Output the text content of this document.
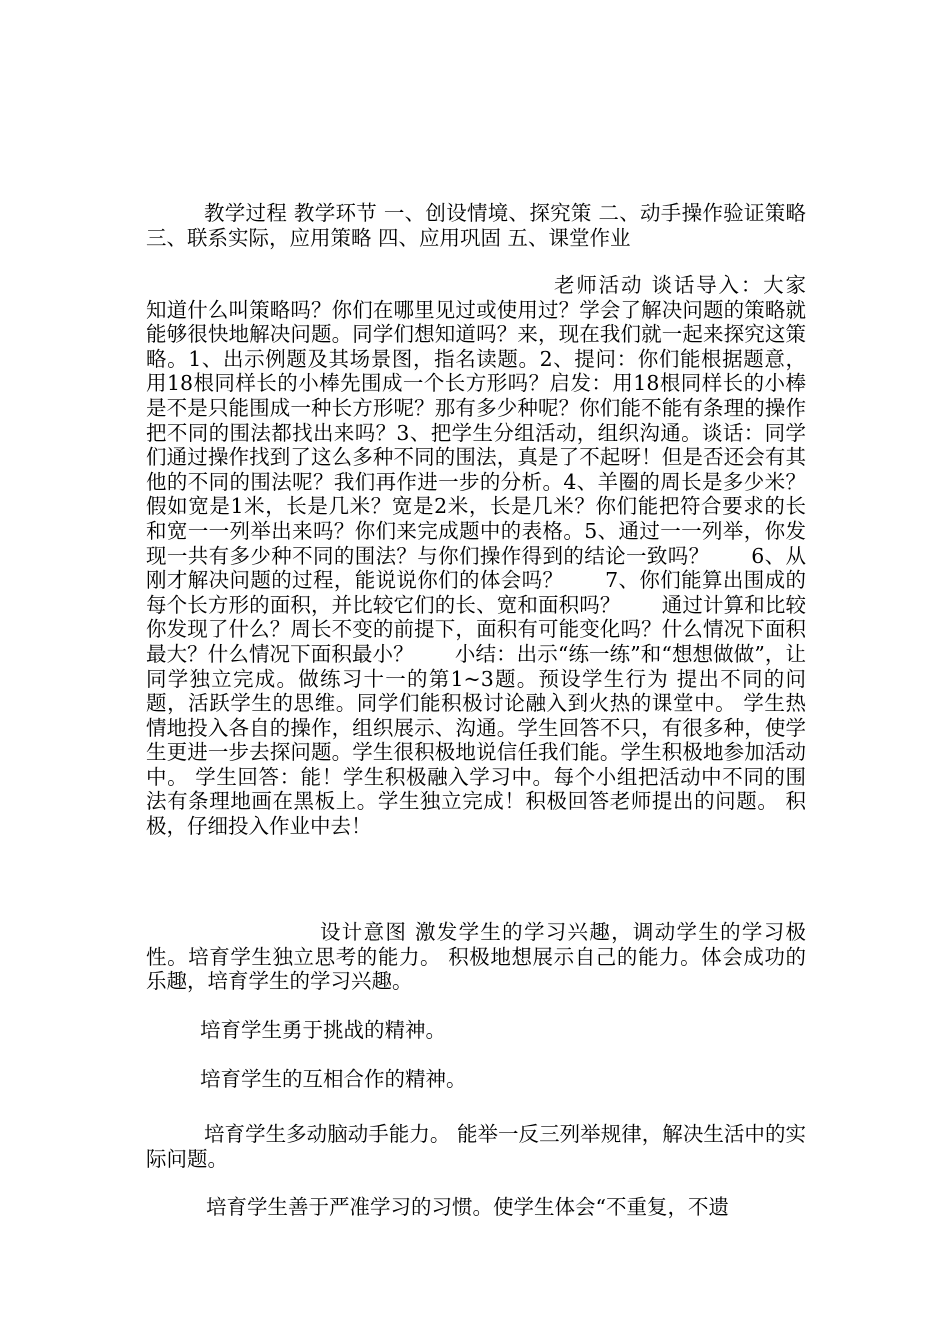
教学过程 教学环节 一、创设情境、探究策 二、动手操作验证策略 三、联系实际，应用策略 四、应用巩固 五、课堂作业
老师活动 谈话导入：大家知道什么叫策略吗？你们在哪里见过或使用过？学会了解决问题的策略就能够很快地解决问题。同学们想知道吗？来，现在我们就一起来探究这策略。1、出示例题及其场景图，指名读题。2、提问：你们能根据题意，用18根同样长的小棒先围成一个长方形吗？启发：用18根同样长的小棒是不是只能围成一种长方形呢？那有多少种呢？你们能不能有条理的操作把不同的围法都找出来吗？3、把学生分组活动，组织沟通。谈话：同学们通过操作找到了这么多种不同的围法，真是了不起呀！但是否还会有其他的不同的围法呢？我们再作进一步的分析。4、羊圈的周长是多少米？假如宽是1米，长是几米？宽是2米，长是几米？你们能把符合要求的长和宽一一列举出来吗？你们来完成题中的表格。5、通过一一列举，你发现一共有多少种不同的围法？与你们操作得到的结论一致吗？　　6、从刚才解决问题的过程，能说说你们的体会吗？　　7、你们能算出围成的每个长方形的面积，并比较它们的长、宽和面积吗？　　通过计算和比较你发现了什么？周长不变的前提下，面积有可能变化吗？什么情况下面积最大？什么情况下面积最小？　　小结：出示“练一练”和“想想做做”，让同学独立完成。做练习十一的第1~3题。预设学生行为 提出不同的问题，活跃学生的思维。同学们能积极讨论融入到火热的课堂中。 学生热情地投入各自的操作，组织展示、沟通。学生回答不只，有很多种，使学生更进一步去探问题。学生很积极地说信任我们能。学生积极地参加活动中。 学生回答：能！学生积极融入学习中。每个小组把活动中不同的围法有条理地画在黑板上。学生独立完成！积极回答老师提出的问题。 积极，仔细投入作业中去！
设计意图 激发学生的学习兴趣，调动学生的学习极性。培育学生独立思考的能力。 积极地想展示自己的能力。体会成功的乐趣，培育学生的学习兴趣。
培育学生勇于挑战的精神。
培育学生的互相合作的精神。
培育学生多动脑动手能力。 能举一反三列举规律，解决生活中的实际问题。
培育学生善于严准学习的习惯。使学生体会“不重复，不遗
